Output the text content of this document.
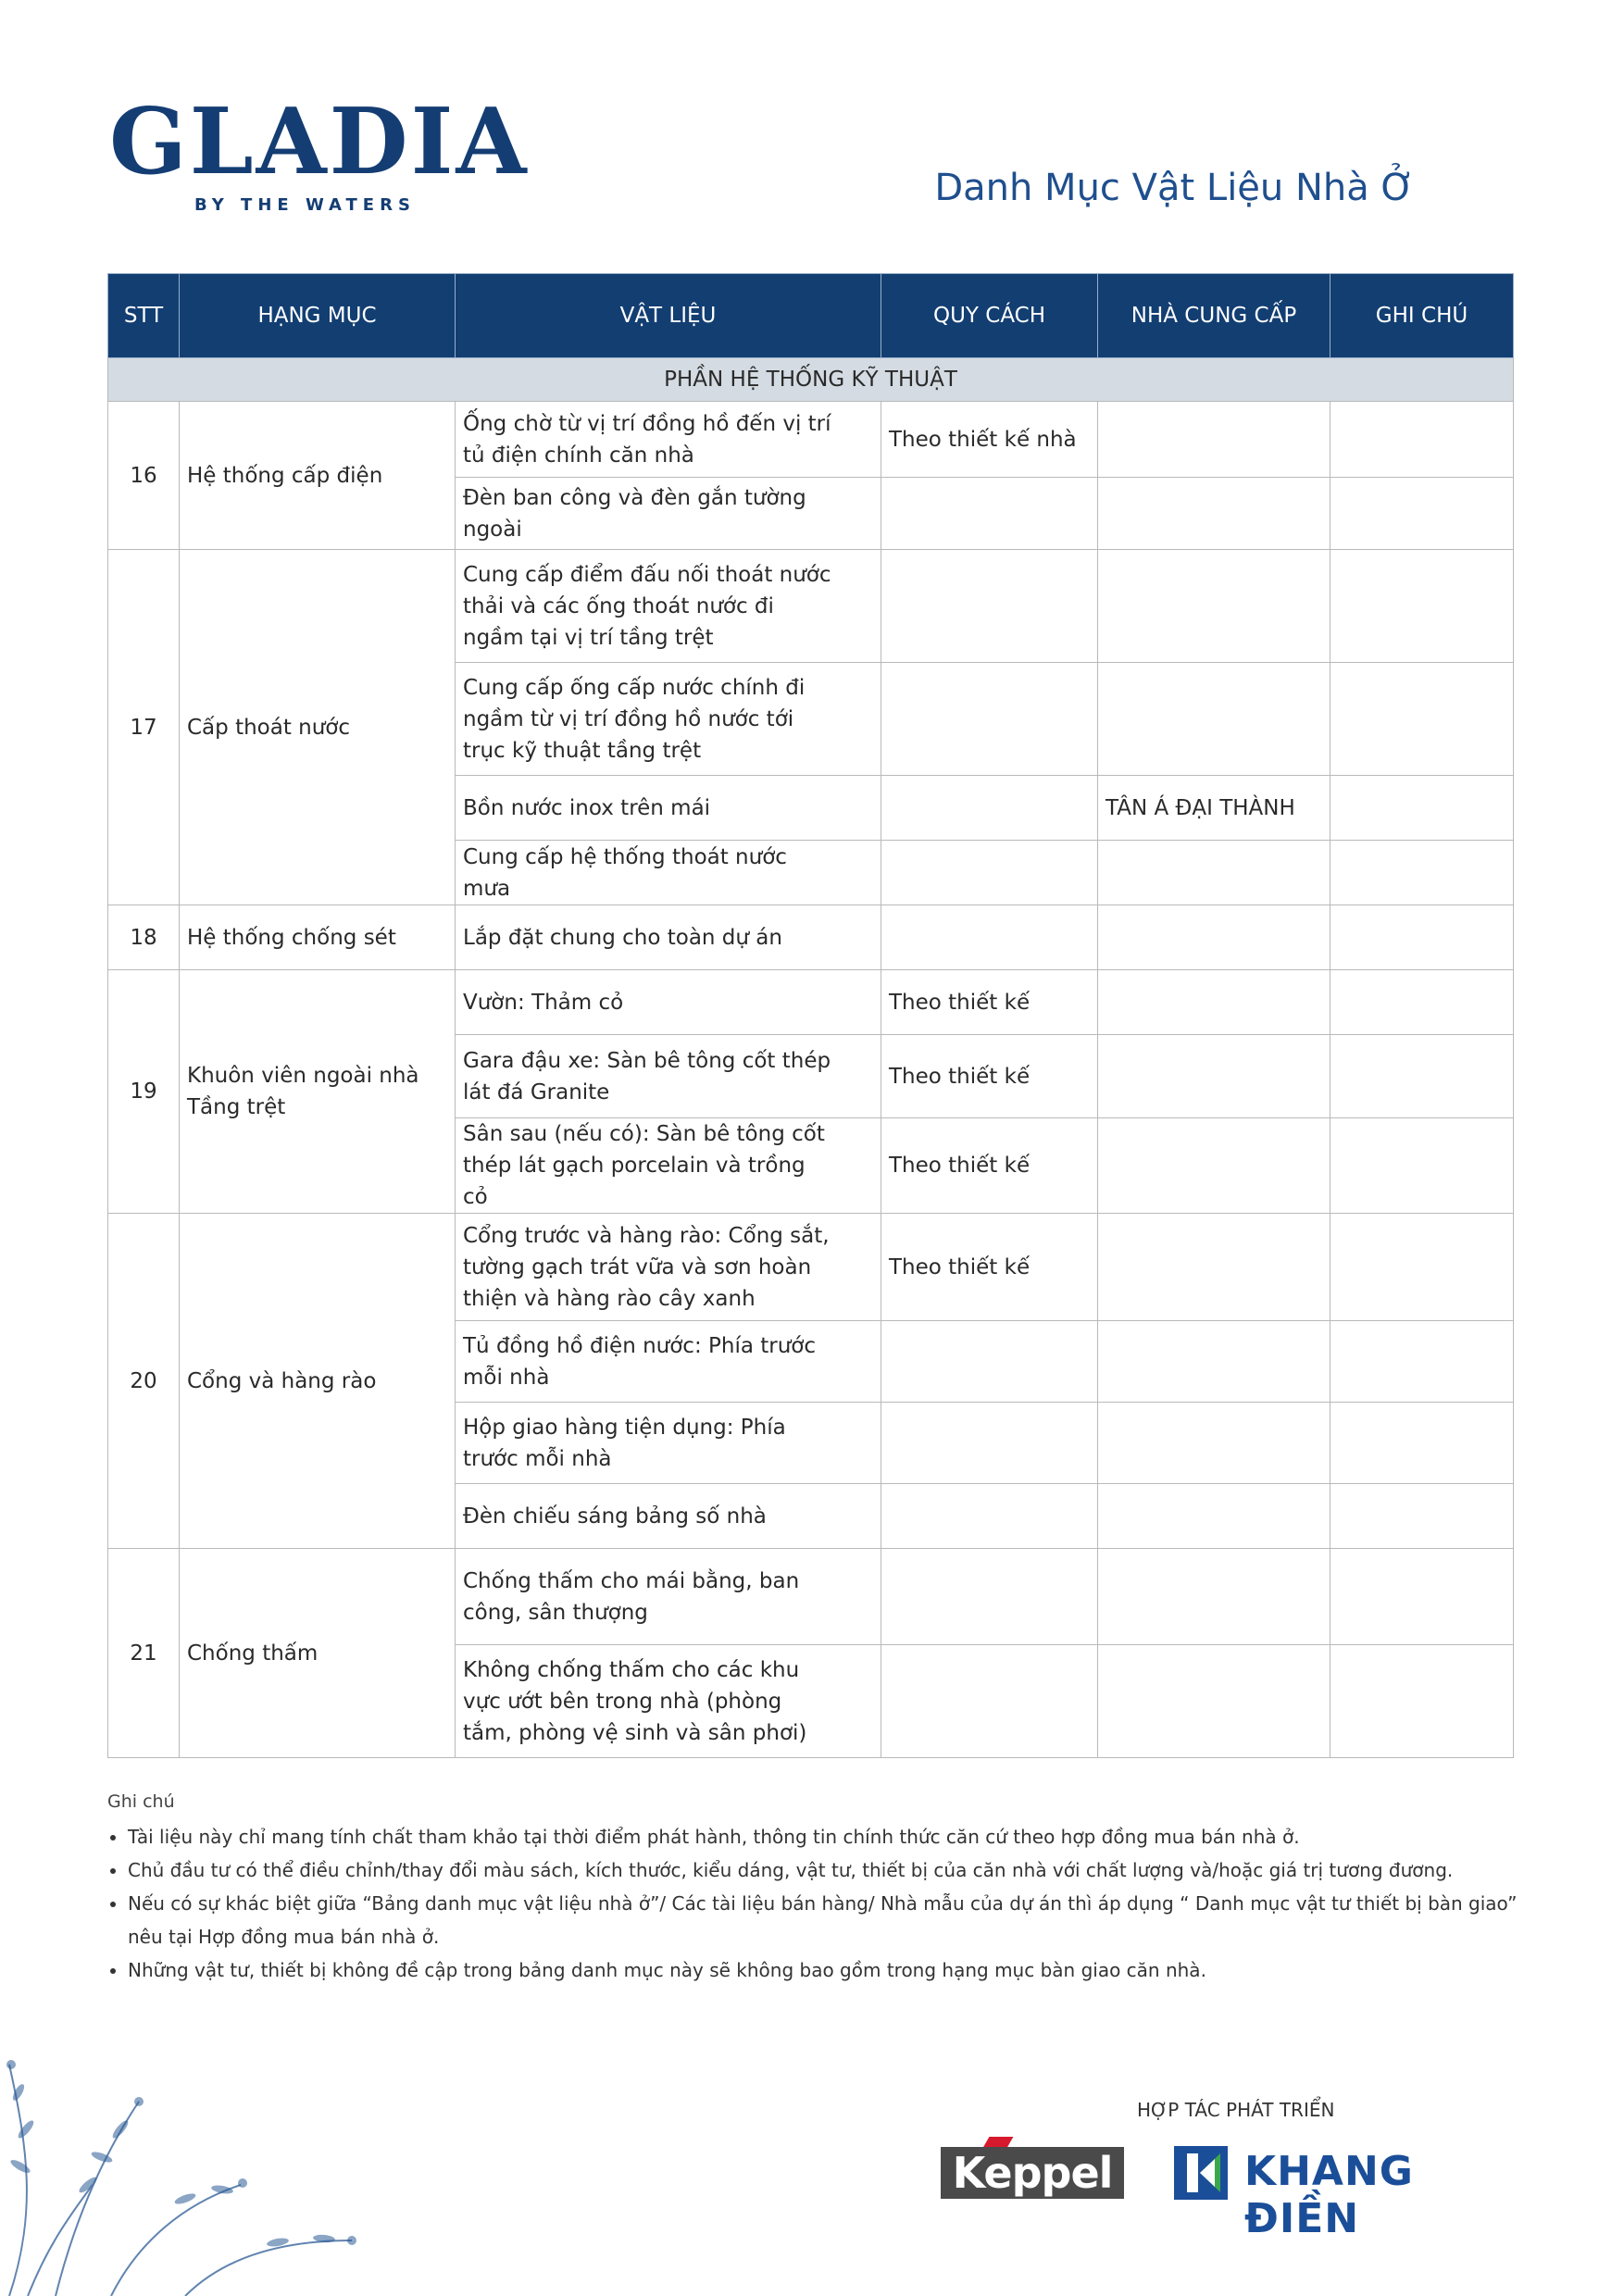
GLADIA
BY THE WATERS	Danh Mục Vật Liệu Nhà Ở
STT	HẠNG MỤC	VẬT LIỆU	QUY CÁCH	NHÀ CUNG CẤP	GHI CHÚ
PHẦN HỆ THỐNG KỸ THUẬT					
16	Hệ thống cấp điện	Ống chờ từ vị trí đồng hồ đến vị trí tủ điện chính căn nhà	Theo thiết kế nhà		
		Đèn ban công và đèn gắn tường ngoài			
17	Cấp thoát nước	Cung cấp điểm đấu nối thoát nước thải và các ống thoát nước đi ngầm tại vị trí tầng trệt			
		Cung cấp ống cấp nước chính đi ngầm từ vị trí đồng hồ nước tới trục kỹ thuật tầng trệt			
		Bồn nước inox trên mái		TÂN Á ĐẠI THÀNH	
		Cung cấp hệ thống thoát nước mưa			
18	Hệ thống chống sét	Lắp đặt chung cho toàn dự án			
19	Khuôn viên ngoài nhà Tầng trệt	Vườn: Thảm cỏ	Theo thiết kế		
		Gara đậu xe: Sàn bê tông cốt thép lát đá Granite	Theo thiết kế		
		Sân sau (nếu có): Sàn bê tông cốt thép lát gạch porcelain và trồng cỏ	Theo thiết kế		
20	Cổng và hàng rào	Cổng trước và hàng rào: Cổng sắt, tường gạch trát vữa và sơn hoàn thiện và hàng rào cây xanh	Theo thiết kế		
		Tủ đồng hồ điện nước: Phía trước mỗi nhà			
		Hộp giao hàng tiện dụng: Phía trước mỗi nhà			
		Đèn chiếu sáng bảng số nhà			
21	Chống thấm	Chống thấm cho mái bằng, ban công, sân thượng			
		Không chống thấm cho các khu vực ướt bên trong nhà (phòng tắm, phòng vệ sinh và sân phơi)			
Ghi chú
• Tài liệu này chỉ mang tính chất tham khảo tại thời điểm phát hành, thông tin chính thức căn cứ theo hợp đồng mua bán nhà ở.
• Chủ đầu tư có thể điều chỉnh/thay đổi màu sách, kích thước, kiểu dáng, vật tư, thiết bị của căn nhà với chất lượng và/hoặc giá trị tương đương.
• Nếu có sự khác biệt giữa “Bảng danh mục vật liệu nhà ở”/ Các tài liệu bán hàng/ Nhà mẫu của dự án thì áp dụng “ Danh mục vật tư thiết bị bàn giao” nêu tại Hợp đồng mua bán nhà ở.
• Những vật tư, thiết bị không đề cập trong bảng danh mục này sẽ không bao gồm trong hạng mục bàn giao căn nhà.
HỢP TÁC PHÁT TRIỂN
Keppel	KHANG ĐIỀN
